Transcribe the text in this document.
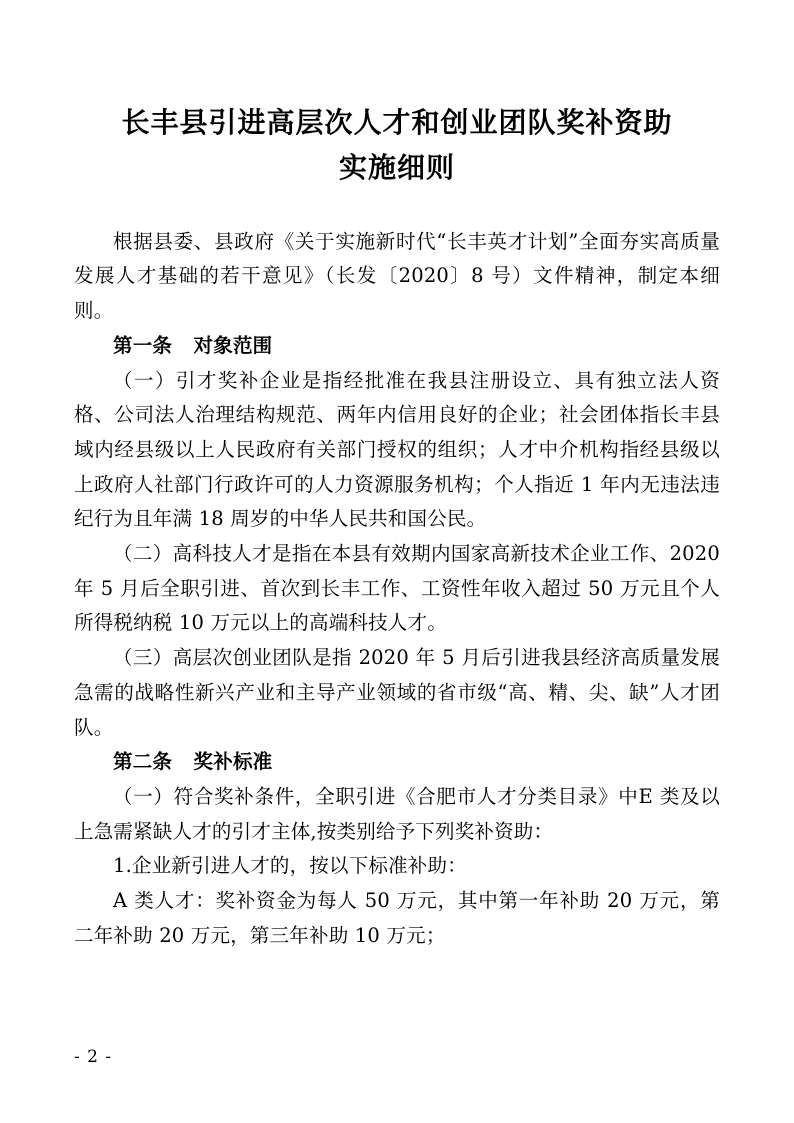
长丰县引进高层次人才和创业团队奖补资助
实施细则

根据县委、县政府《关于实施新时代“长丰英才计划”全面夯实高质量发展人才基础的若干意见》（长发〔2020〕8 号）文件精神，制定本细则。

第一条 对象范围

（一）引才奖补企业是指经批准在我县注册设立、具有独立法人资格、公司法人治理结构规范、两年内信用良好的企业；社会团体指长丰县域内经县级以上人民政府有关部门授权的组织；人才中介机构指经县级以上政府人社部门行政许可的人力资源服务机构；个人指近 1 年内无违法违纪行为且年满 18 周岁的中华人民共和国公民。

（二）高科技人才是指在本县有效期内国家高新技术企业工作、2020 年 5 月后全职引进、首次到长丰工作、工资性年收入超过 50 万元且个人所得税纳税 10 万元以上的高端科技人才。

（三）高层次创业团队是指 2020 年 5 月后引进我县经济高质量发展急需的战略性新兴产业和主导产业领域的省市级“高、精、尖、缺”人才团队。

第二条 奖补标准

（一）符合奖补条件，全职引进《合肥市人才分类目录》中E 类及以上急需紧缺人才的引才主体,按类别给予下列奖补资助：

1.企业新引进人才的，按以下标准补助：

A 类人才：奖补资金为每人 50 万元，其中第一年补助 20 万元，第二年补助 20 万元，第三年补助 10 万元；

- 2 -
